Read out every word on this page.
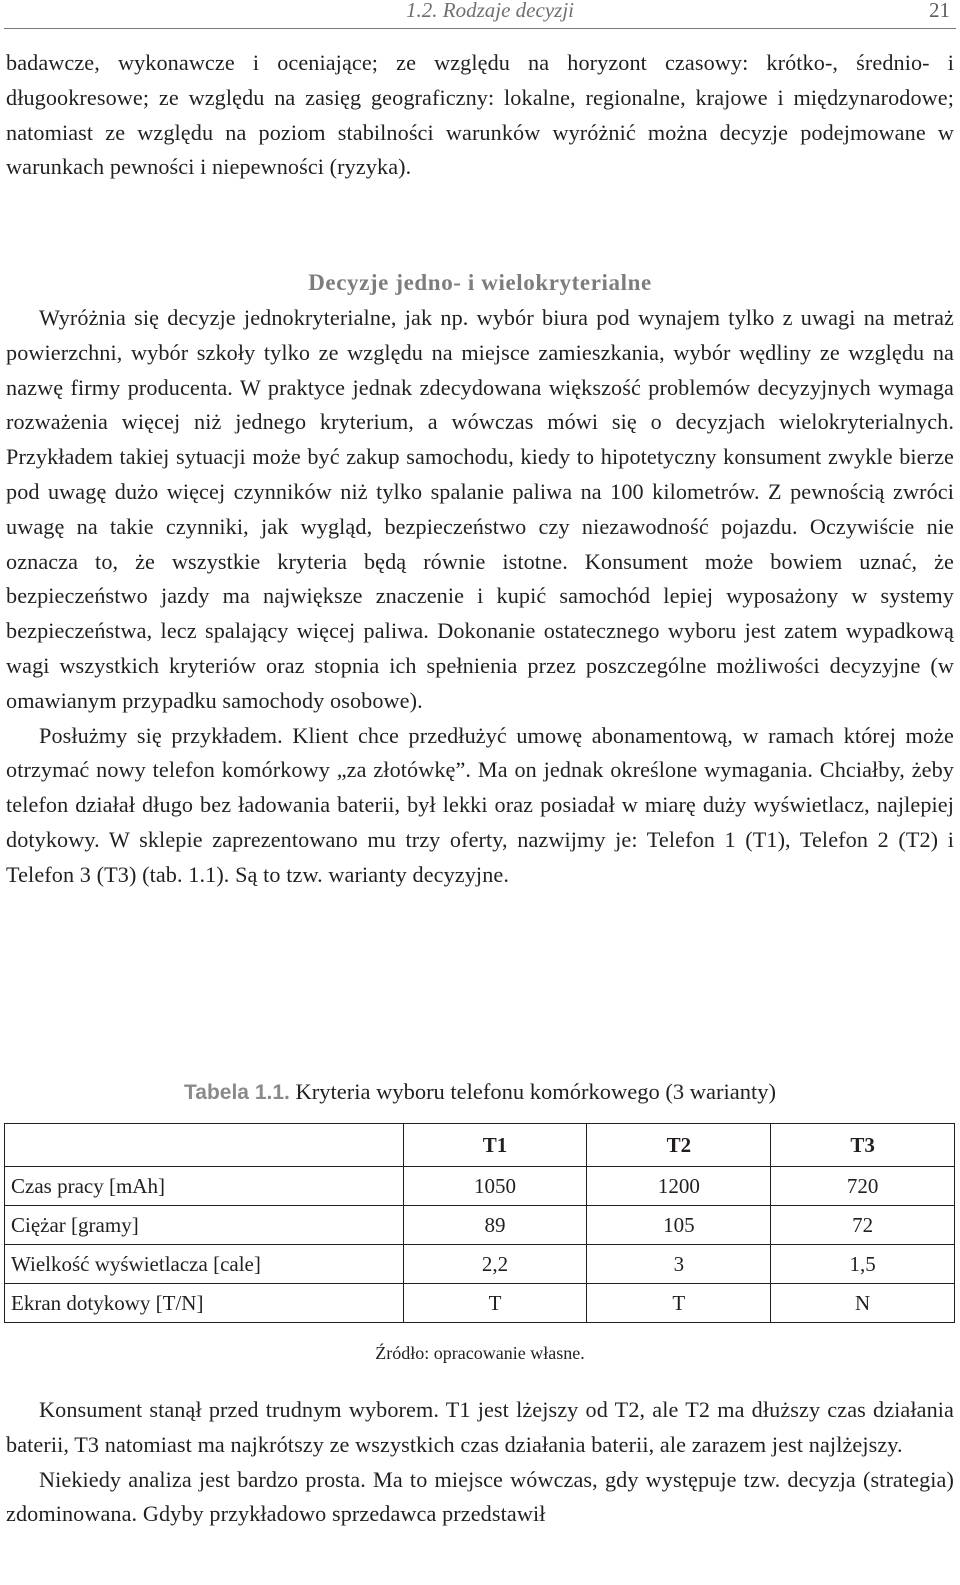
1.2. Rodzaje decyzji	21

badawcze, wykonawcze i oceniające; ze względu na horyzont czasowy: krótko-, średnio- i długookresowe; ze względu na zasięg geograficzny: lokalne, regionalne, krajowe i międzynarodowe; natomiast ze względu na poziom stabilności warunków wyróżnić można decyzje podejmowane w warunkach pewności i niepewności (ryzyka).

Decyzje jedno- i wielokryterialne

Wyróżnia się decyzje jednokryterialne, jak np. wybór biura pod wynajem tylko z uwagi na metraż powierzchni, wybór szkoły tylko ze względu na miejsce zamieszkania, wybór wędliny ze względu na nazwę firmy producenta. W praktyce jednak zdecydowana większość problemów decyzyjnych wymaga rozważenia więcej niż jednego kryterium, a wówczas mówi się o decyzjach wielokryterialnych. Przykładem takiej sytuacji może być zakup samochodu, kiedy to hipotetyczny konsument zwykle bierze pod uwagę dużo więcej czynników niż tylko spalanie paliwa na 100 kilometrów. Z pewnością zwróci uwagę na takie czynniki, jak wygląd, bezpieczeństwo czy niezawodność pojazdu. Oczywiście nie oznacza to, że wszystkie kryteria będą równie istotne. Konsument może bowiem uznać, że bezpieczeństwo jazdy ma największe znaczenie i kupić samochód lepiej wyposażony w systemy bezpieczeństwa, lecz spalający więcej paliwa. Dokonanie ostatecznego wyboru jest zatem wypadkową wagi wszystkich kryteriów oraz stopnia ich spełnienia przez poszczególne możliwości decyzyjne (w omawianym przypadku samochody osobowe).

Posłużmy się przykładem. Klient chce przedłużyć umowę abonamentową, w ramach której może otrzymać nowy telefon komórkowy „za złotówkę”. Ma on jednak określone wymagania. Chciałby, żeby telefon działał długo bez ładowania baterii, był lekki oraz posiadał w miarę duży wyświetlacz, najlepiej dotykowy. W sklepie zaprezentowano mu trzy oferty, nazwijmy je: Telefon 1 (T1), Telefon 2 (T2) i Telefon 3 (T3) (tab. 1.1). Są to tzw. warianty decyzyjne.

Tabela 1.1. Kryteria wyboru telefonu komórkowego (3 warianty)
	T1	T2	T3
Czas pracy [mAh]	1050	1200	720
Ciężar [gramy]	89	105	72
Wielkość wyświetlacza [cale]	2,2	3	1,5
Ekran dotykowy [T/N]	T	T	N
Źródło: opracowanie własne.

Konsument stanął przed trudnym wyborem. T1 jest lżejszy od T2, ale T2 ma dłuższy czas działania baterii, T3 natomiast ma najkrótszy ze wszystkich czas działania baterii, ale zarazem jest najlżejszy.

Niekiedy analiza jest bardzo prosta. Ma to miejsce wówczas, gdy występuje tzw. decyzja (strategia) zdominowana. Gdyby przykładowo sprzedawca przedstawił
